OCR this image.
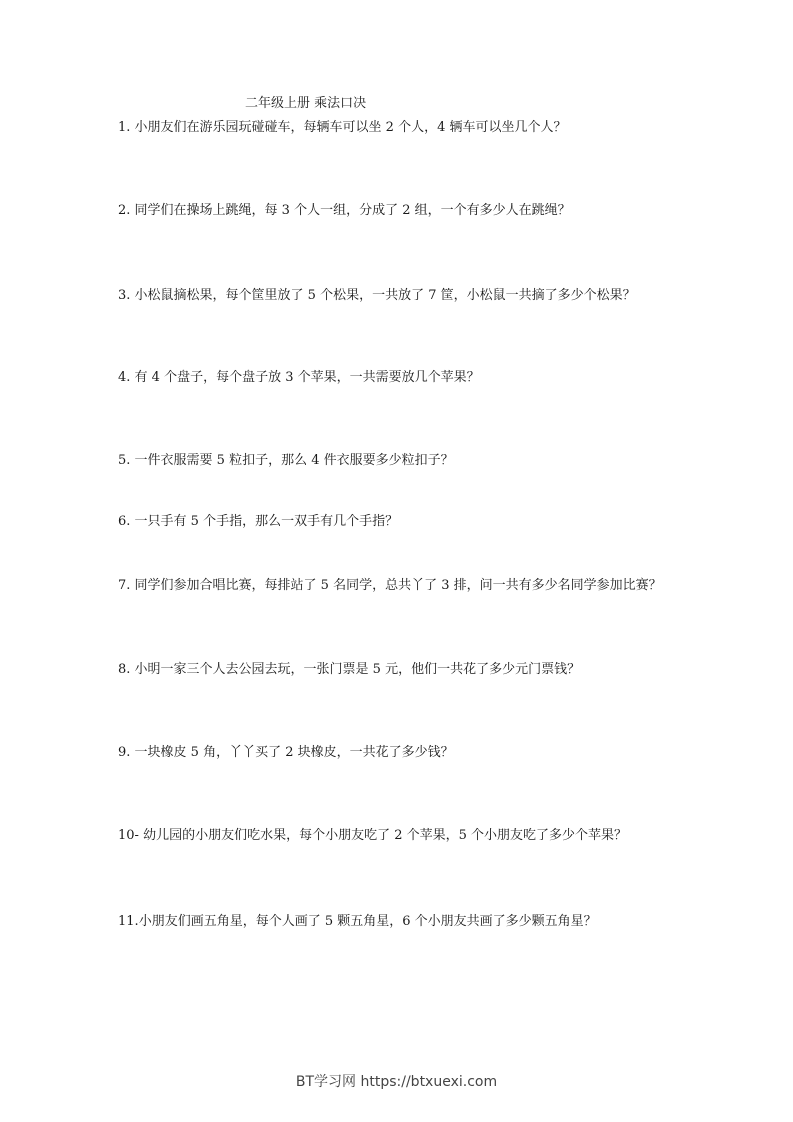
二年级上册 乘法口决
1. 小朋友们在游乐园玩碰碰车，每辆车可以坐 2 个人，4 辆车可以坐几个人？
2. 同学们在操场上跳绳，每 3 个人一组，分成了 2 组，一个有多少人在跳绳？
3. 小松鼠摘松果，每个筐里放了 5 个松果，一共放了 7 筐，小松鼠一共摘了多少个松果？
4. 有 4 个盘子，每个盘子放 3 个苹果，一共需要放几个苹果？
5. 一件衣服需要 5 粒扣子，那么 4 件衣服要多少粒扣子？
6. 一只手有 5 个手指，那么一双手有几个手指？
7. 同学们参加合唱比赛，每排站了 5 名同学，总共丫了 3 排，问一共有多少名同学参加比赛？
8. 小明一家三个人去公园去玩，一张门票是 5 元，他们一共花了多少元门票钱？
9. 一块橡皮 5 角，丫丫买了 2 块橡皮，一共花了多少钱？
10- 幼儿园的小朋友们吃水果，每个小朋友吃了 2 个苹果，5 个小朋友吃了多少个苹果？
11.小朋友们画五角星，每个人画了 5 颗五角星，6 个小朋友共画了多少颗五角星？
BT学习网 https://btxuexi.com
